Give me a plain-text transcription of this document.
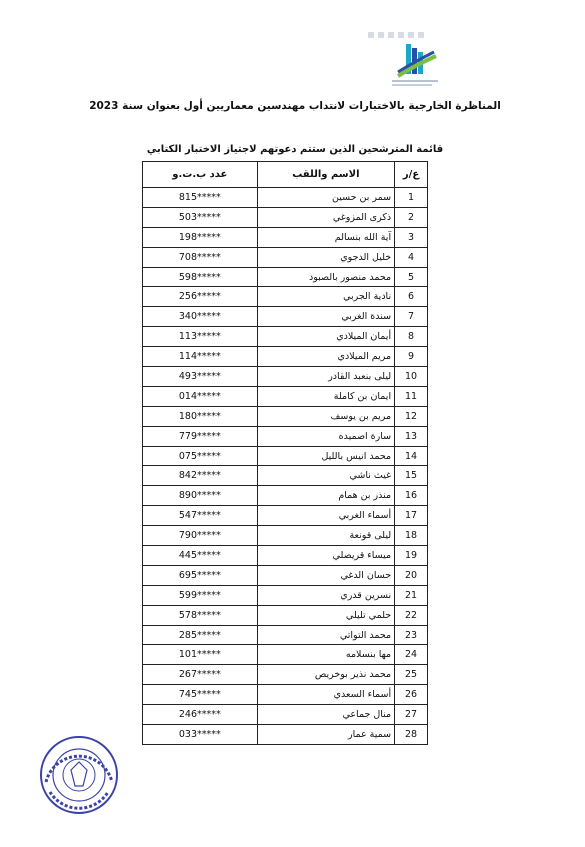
المناظرة الخارجية بالاختبارات لانتداب مهندسين معماريين أول بعنوان سنة 2023
قائمة المترشحين الذين ستتم دعوتهم لاجتياز الاختبار الكتابي
ع/ر	الاسم واللقب	عدد ب.ت.و
1	سمر بن حسين	815*****
2	ذكرى المزوغي	503*****
3	آية الله بنسالم	198*****
4	خليل الدجوي	708*****
5	محمد منصور بالصبود	598*****
6	نادية الجربي	256*****
7	سندة الغربي	340*****
8	أيمان الميلادي	113*****
9	مريم الميلادي	114*****
10	ليلى بنعبد القادر	493*****
11	ايمان بن كاملة	014*****
12	مريم بن يوسف	180*****
13	سارة اصميده	779*****
14	محمد انيس بالليل	075*****
15	غيث ناشي	842*****
16	منذر بن همام	890*****
17	أسماء الغربي	547*****
18	ليلى قونعة	790*****
19	ميساء قريصلي	445*****
20	حسان الدغي	695*****
21	نسرين قدري	599*****
22	حلمي تليلي	578*****
23	محمد التواتي	285*****
24	مها بنسلامه	101*****
25	محمد نذير بوخريص	267*****
26	أسماء السعدي	745*****
27	منال جماعي	246*****
28	سمية عمار	033*****
